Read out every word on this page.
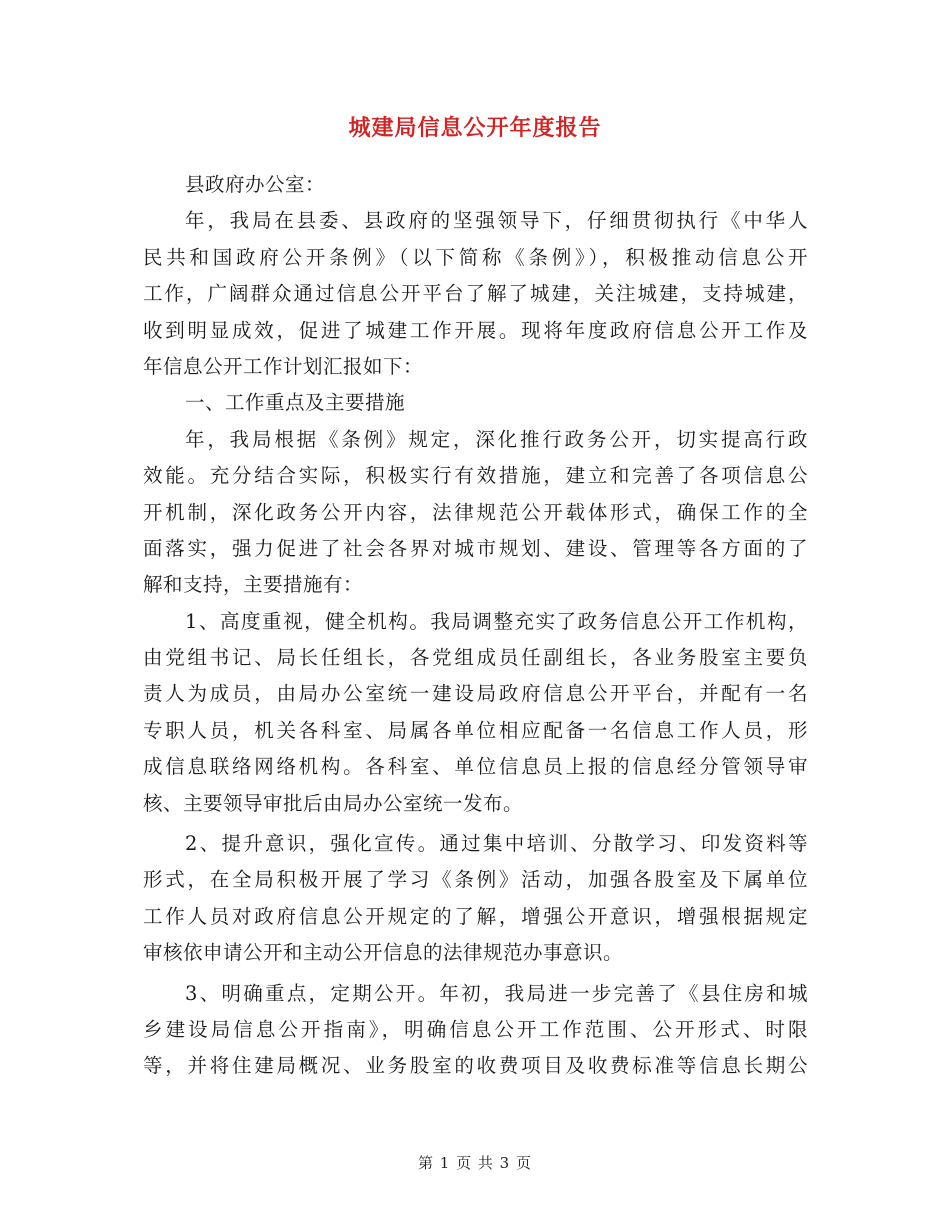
城建局信息公开年度报告
县政府办公室：
年，我局在县委、县政府的坚强领导下，仔细贯彻执行《中华人
民共和国政府公开条例》（以下简称《条例》），积极推动信息公开
工作，广阔群众通过信息公开平台了解了城建，关注城建，支持城建，
收到明显成效，促进了城建工作开展。现将年度政府信息公开工作及
年信息公开工作计划汇报如下：
一、工作重点及主要措施
年，我局根据《条例》规定，深化推行政务公开，切实提高行政
效能。充分结合实际，积极实行有效措施，建立和完善了各项信息公
开机制，深化政务公开内容，法律规范公开载体形式，确保工作的全
面落实，强力促进了社会各界对城市规划、建设、管理等各方面的了
解和支持，主要措施有：
1、高度重视，健全机构。我局调整充实了政务信息公开工作机构，
由党组书记、局长任组长，各党组成员任副组长，各业务股室主要负
责人为成员，由局办公室统一建设局政府信息公开平台，并配有一名
专职人员，机关各科室、局属各单位相应配备一名信息工作人员，形
成信息联络网络机构。各科室、单位信息员上报的信息经分管领导审
核、主要领导审批后由局办公室统一发布。
2、提升意识，强化宣传。通过集中培训、分散学习、印发资料等
形式，在全局积极开展了学习《条例》活动，加强各股室及下属单位
工作人员对政府信息公开规定的了解，增强公开意识，增强根据规定
审核依申请公开和主动公开信息的法律规范办事意识。
3、明确重点，定期公开。年初，我局进一步完善了《县住房和城
乡建设局信息公开指南》，明确信息公开工作范围、公开形式、时限
等，并将住建局概况、业务股室的收费项目及收费标准等信息长期公
第 1 页 共 3 页
